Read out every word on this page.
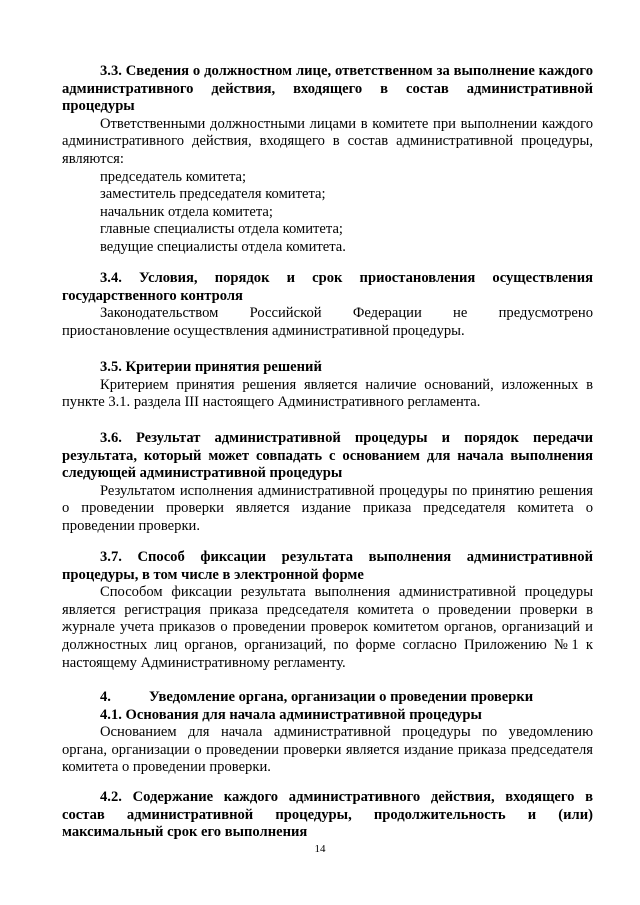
3.3. Сведения о должностном лице, ответственном за выполнение каждого административного действия, входящего в состав административной процедуры
Ответственными должностными лицами в комитете при выполнении каждого административного действия, входящего в состав административной процедуры, являются:
председатель комитета;
заместитель председателя комитета;
начальник отдела комитета;
главные специалисты отдела комитета;
ведущие специалисты отдела комитета.
3.4. Условия, порядок и срок приостановления осуществления государственного контроля
Законодательством Российской Федерации не предусмотрено приостановление осуществления административной процедуры.
3.5. Критерии принятия решений
Критерием принятия решения является наличие оснований, изложенных в пункте 3.1. раздела III настоящего Административного регламента.
3.6. Результат административной процедуры и порядок передачи результата, который может совпадать с основанием для начала выполнения следующей административной процедуры
Результатом исполнения административной процедуры по принятию решения о проведении проверки является издание приказа председателя комитета о проведении проверки.
3.7. Способ фиксации результата выполнения административной процедуры, в том числе в электронной форме
Способом фиксации результата выполнения административной процедуры является регистрация приказа председателя комитета о проведении проверки в журнале учета приказов о проведении проверок комитетом органов, организаций и должностных лиц органов, организаций, по форме согласно Приложению №1 к настоящему Административному регламенту.
4.	Уведомление органа, организации о проведении проверки
4.1. Основания для начала административной процедуры
Основанием для начала административной процедуры по уведомлению органа, организации о проведении проверки является издание приказа председателя комитета о проведении проверки.
4.2. Содержание каждого административного действия, входящего в состав административной процедуры, продолжительность и (или) максимальный срок его выполнения
14
